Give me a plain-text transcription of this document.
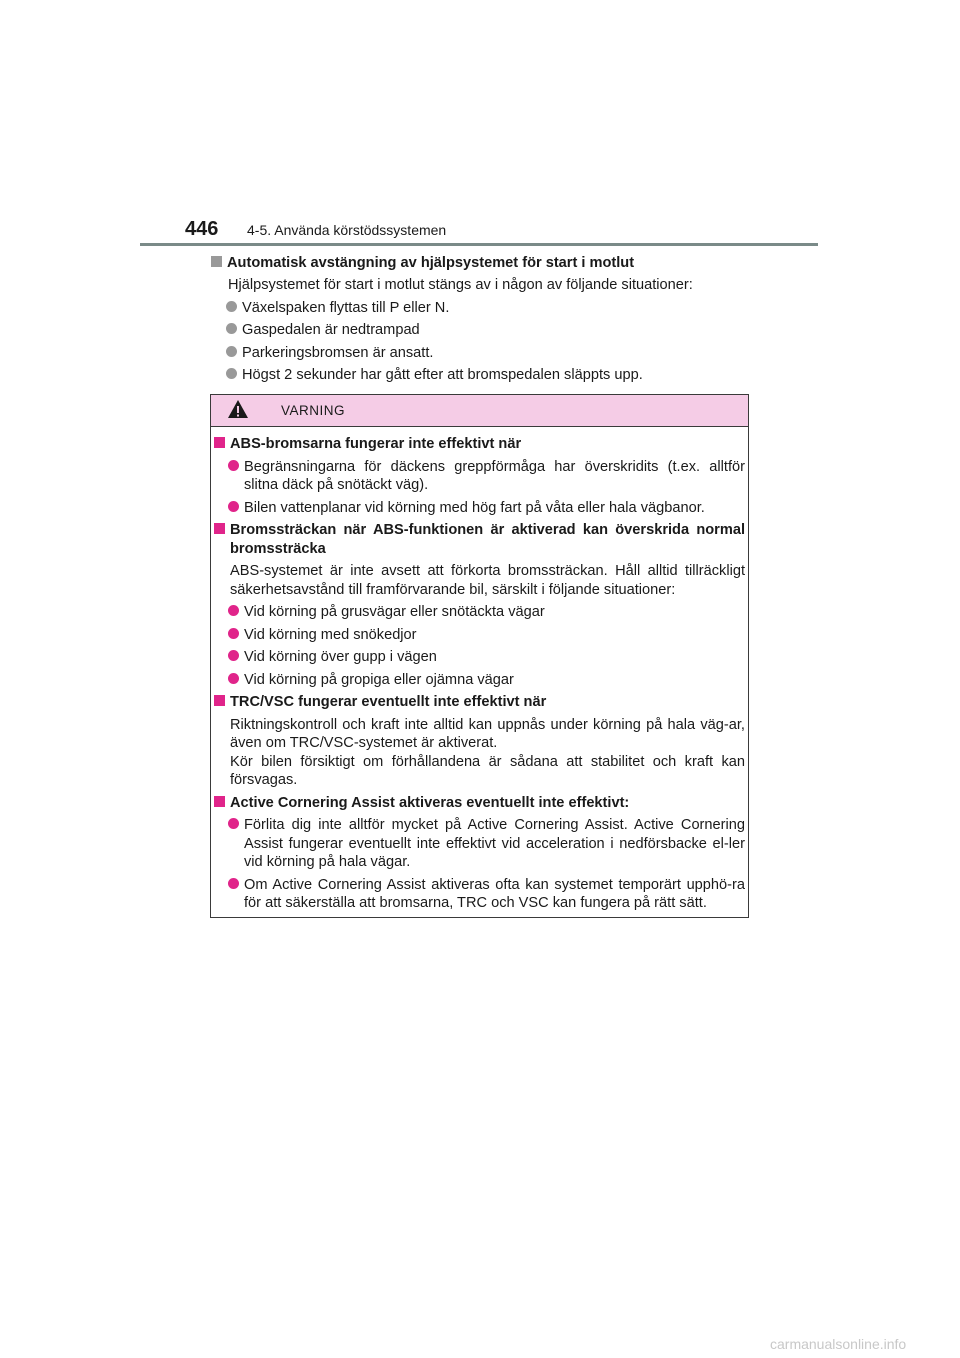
446 4-5. Använda körstödssystemen
Automatisk avstängning av hjälpsystemet för start i motlut
Hjälpsystemet för start i motlut stängs av i någon av följande situationer:
Växelspaken flyttas till P eller N.
Gaspedalen är nedtrampad
Parkeringsbromsen är ansatt.
Högst 2 sekunder har gått efter att bromspedalen släppts upp.
VARNING
ABS-bromsarna fungerar inte effektivt när
Begränsningarna för däckens greppförmåga har överskridits (t.ex. alltför slitna däck på snötäckt väg).
Bilen vattenplanar vid körning med hög fart på våta eller hala vägbanor.
Bromssträckan när ABS-funktionen är aktiverad kan överskrida normal bromssträcka
ABS-systemet är inte avsett att förkorta bromssträckan. Håll alltid tillräckligt säkerhetsavstånd till framförvarande bil, särskilt i följande situationer:
Vid körning på grusvägar eller snötäckta vägar
Vid körning med snökedjor
Vid körning över gupp i vägen
Vid körning på gropiga eller ojämna vägar
TRC/VSC fungerar eventuellt inte effektivt när
Riktningskontroll och kraft inte alltid kan uppnås under körning på hala väg-ar, även om TRC/VSC-systemet är aktiverat.
Kör bilen försiktigt om förhållandena är sådana att stabilitet och kraft kan försvagas.
Active Cornering Assist aktiveras eventuellt inte effektivt:
Förlita dig inte alltför mycket på Active Cornering Assist. Active Cornering Assist fungerar eventuellt inte effektivt vid acceleration i nedförsbacke el-ler vid körning på hala vägar.
Om Active Cornering Assist aktiveras ofta kan systemet temporärt upphö-ra för att säkerställa att bromsarna, TRC och VSC kan fungera på rätt sätt.
carmanualsonline.info
